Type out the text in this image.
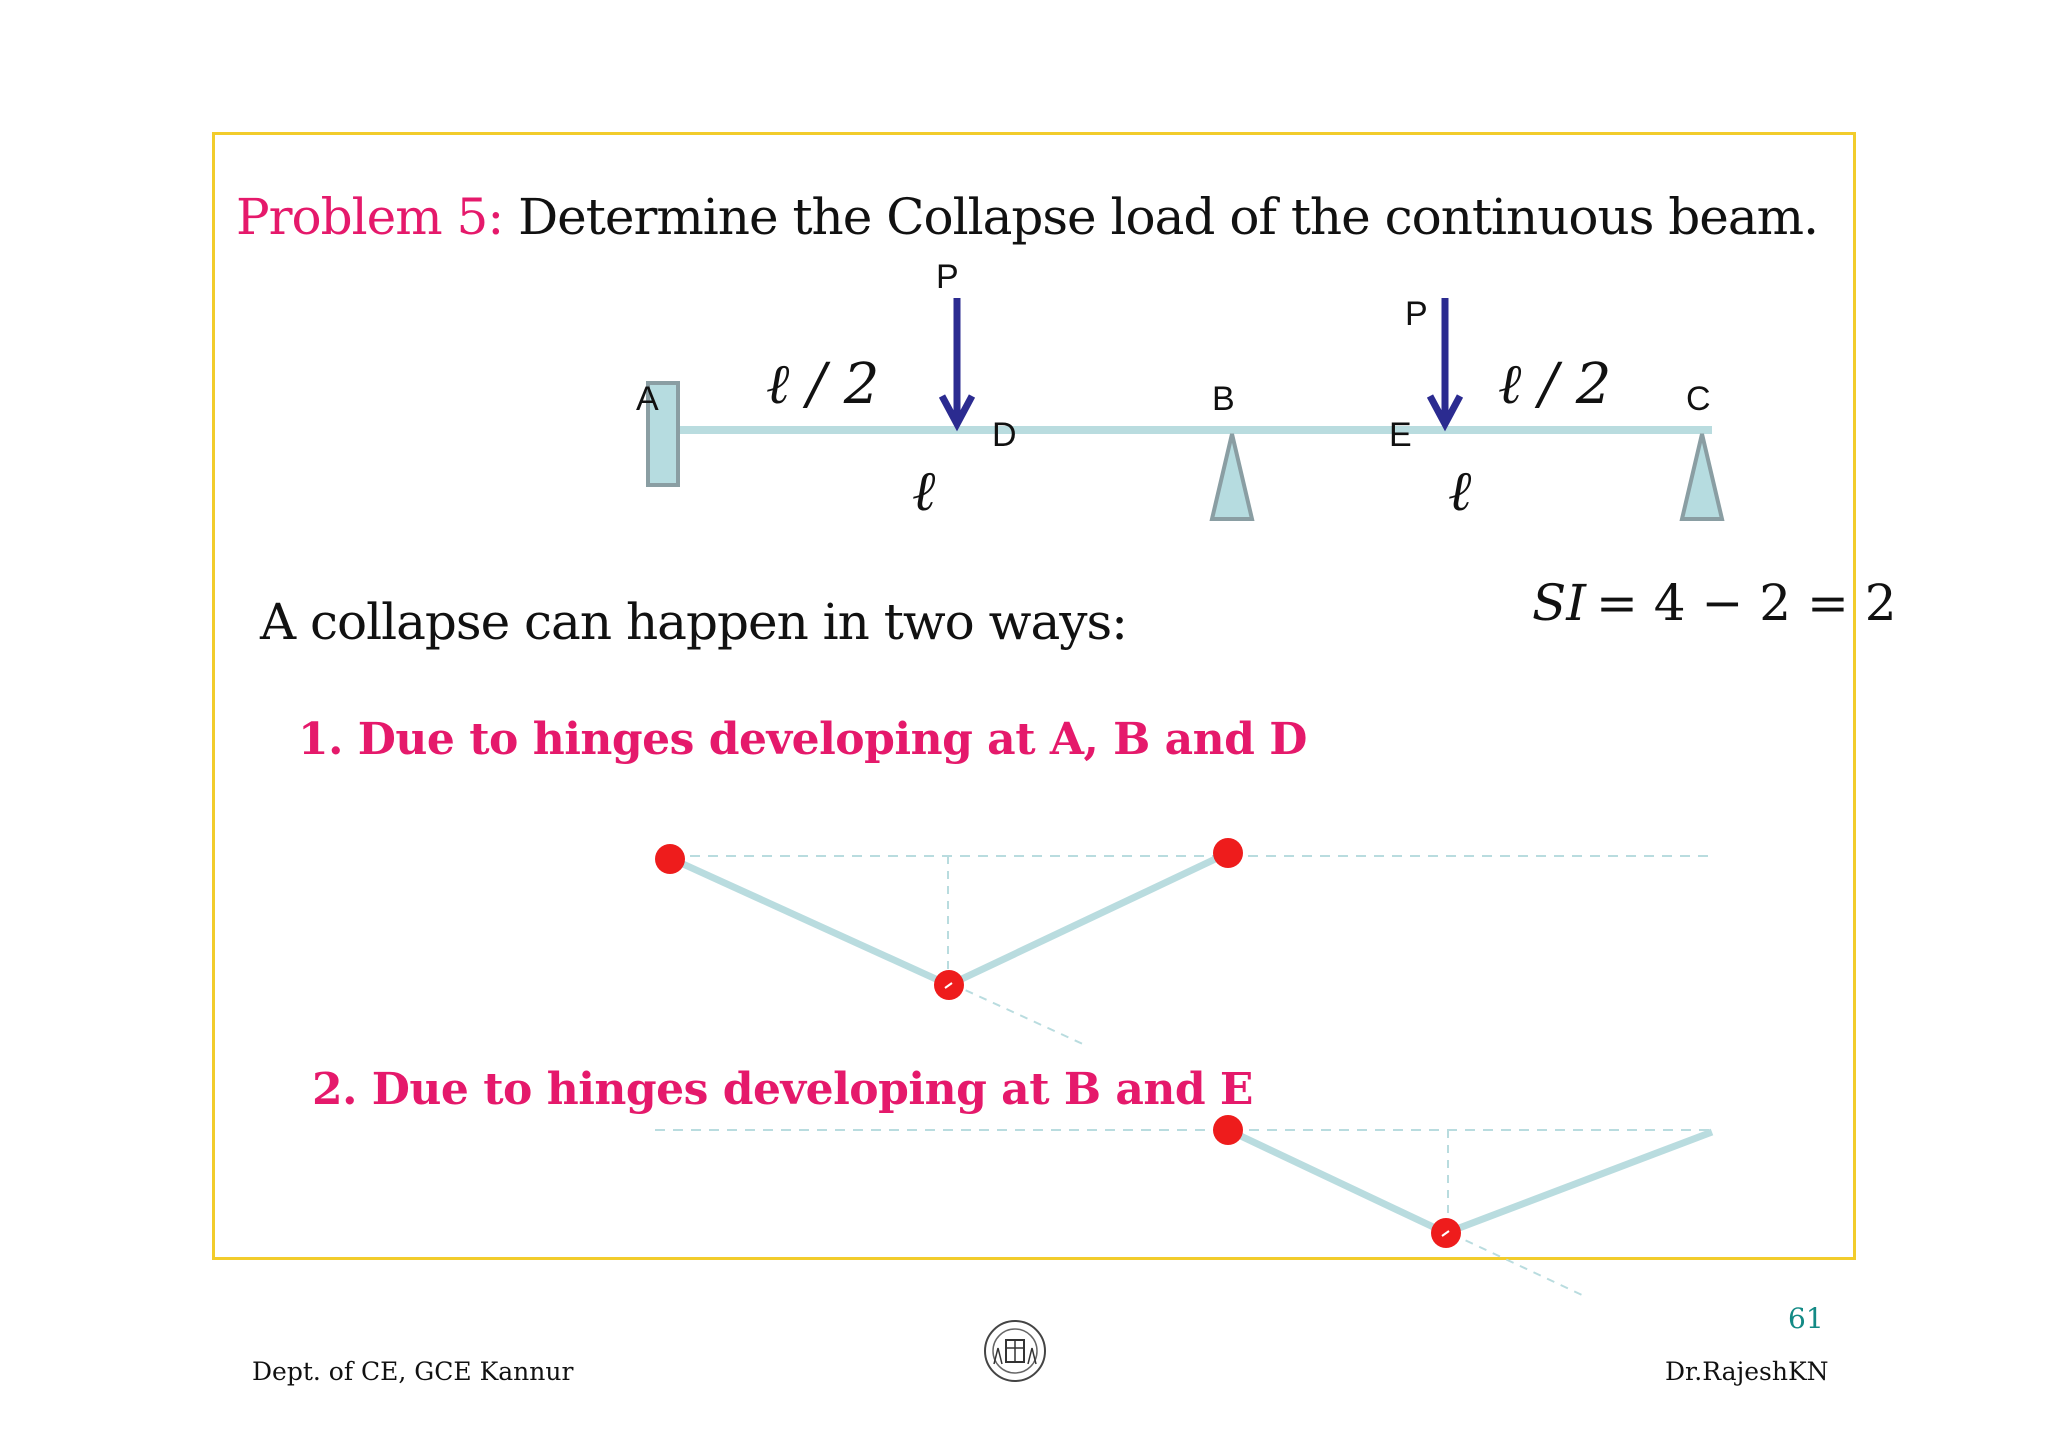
Problem 5: Determine the Collapse load of the continuous beam.
P
P
A
D
B
E
C
ℓ / 2	ℓ / 2
ℓ	ℓ
SI = 4 − 2 = 2
A collapse can happen in two ways:
1. Due to hinges developing at A, B and D
2. Due to hinges developing at B and E
61
Dept. of CE, GCE Kannur	Dr.RajeshKN
